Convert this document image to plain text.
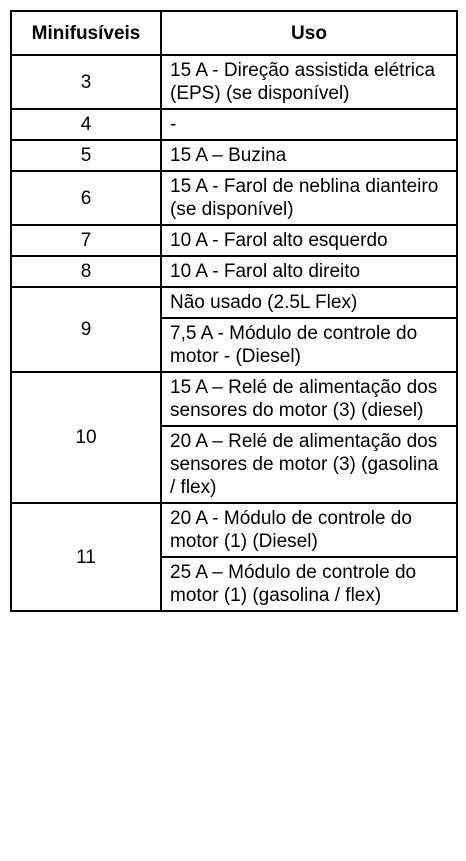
Minifusíveis	Uso
3	15 A - Direção assistida elétrica (EPS) (se disponível)
4	-
5	15 A – Buzina
6	15 A - Farol de neblina dianteiro (se disponível)
7	10 A - Farol alto esquerdo
8	10 A - Farol alto direito
9	Não usado (2.5L Flex)
	7,5 A - Módulo de controle do motor - (Diesel)
10	15 A – Relé de alimentação dos sensores do motor (3) (diesel)
	20 A – Relé de alimentação dos sensores de motor (3) (gasolina / flex)
11	20 A - Módulo de controle do motor (1) (Diesel)
	25 A – Módulo de controle do motor (1) (gasolina / flex)
